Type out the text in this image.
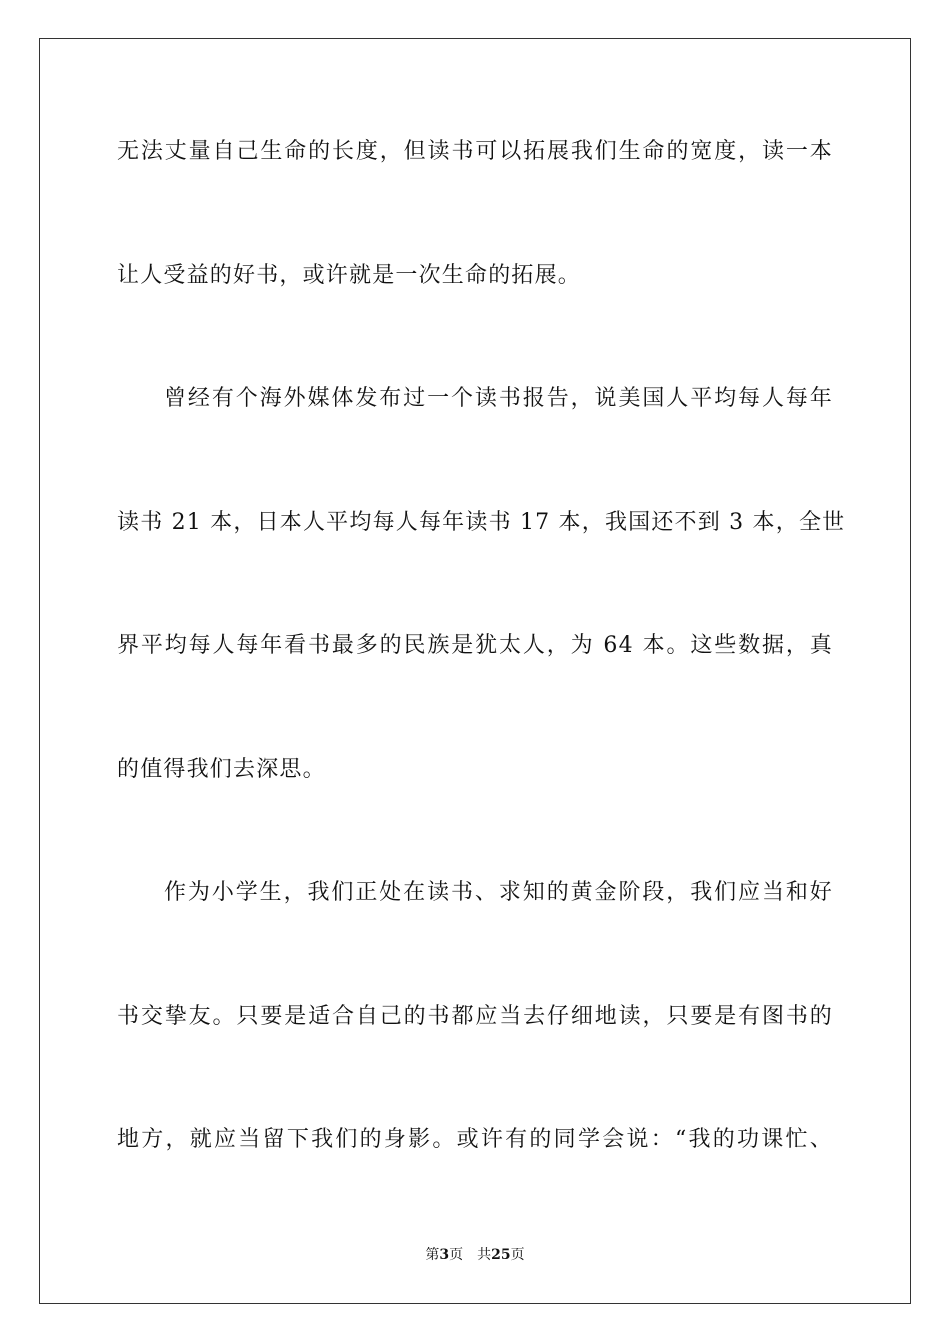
无法丈量自己生命的长度，但读书可以拓展我们生命的宽度，读一本
让人受益的好书，或许就是一次生命的拓展。
曾经有个海外媒体发布过一个读书报告，说美国人平均每人每年
读书 21 本，日本人平均每人每年读书 17 本，我国还不到 3 本，全世
界平均每人每年看书最多的民族是犹太人，为 64 本。这些数据，真
的值得我们去深思。
作为小学生，我们正处在读书、求知的黄金阶段，我们应当和好
书交挚友。只要是适合自己的书都应当去仔细地读，只要是有图书的
地方，就应当留下我们的身影。或许有的同学会说：“我的功课忙、
第3页 共25页
